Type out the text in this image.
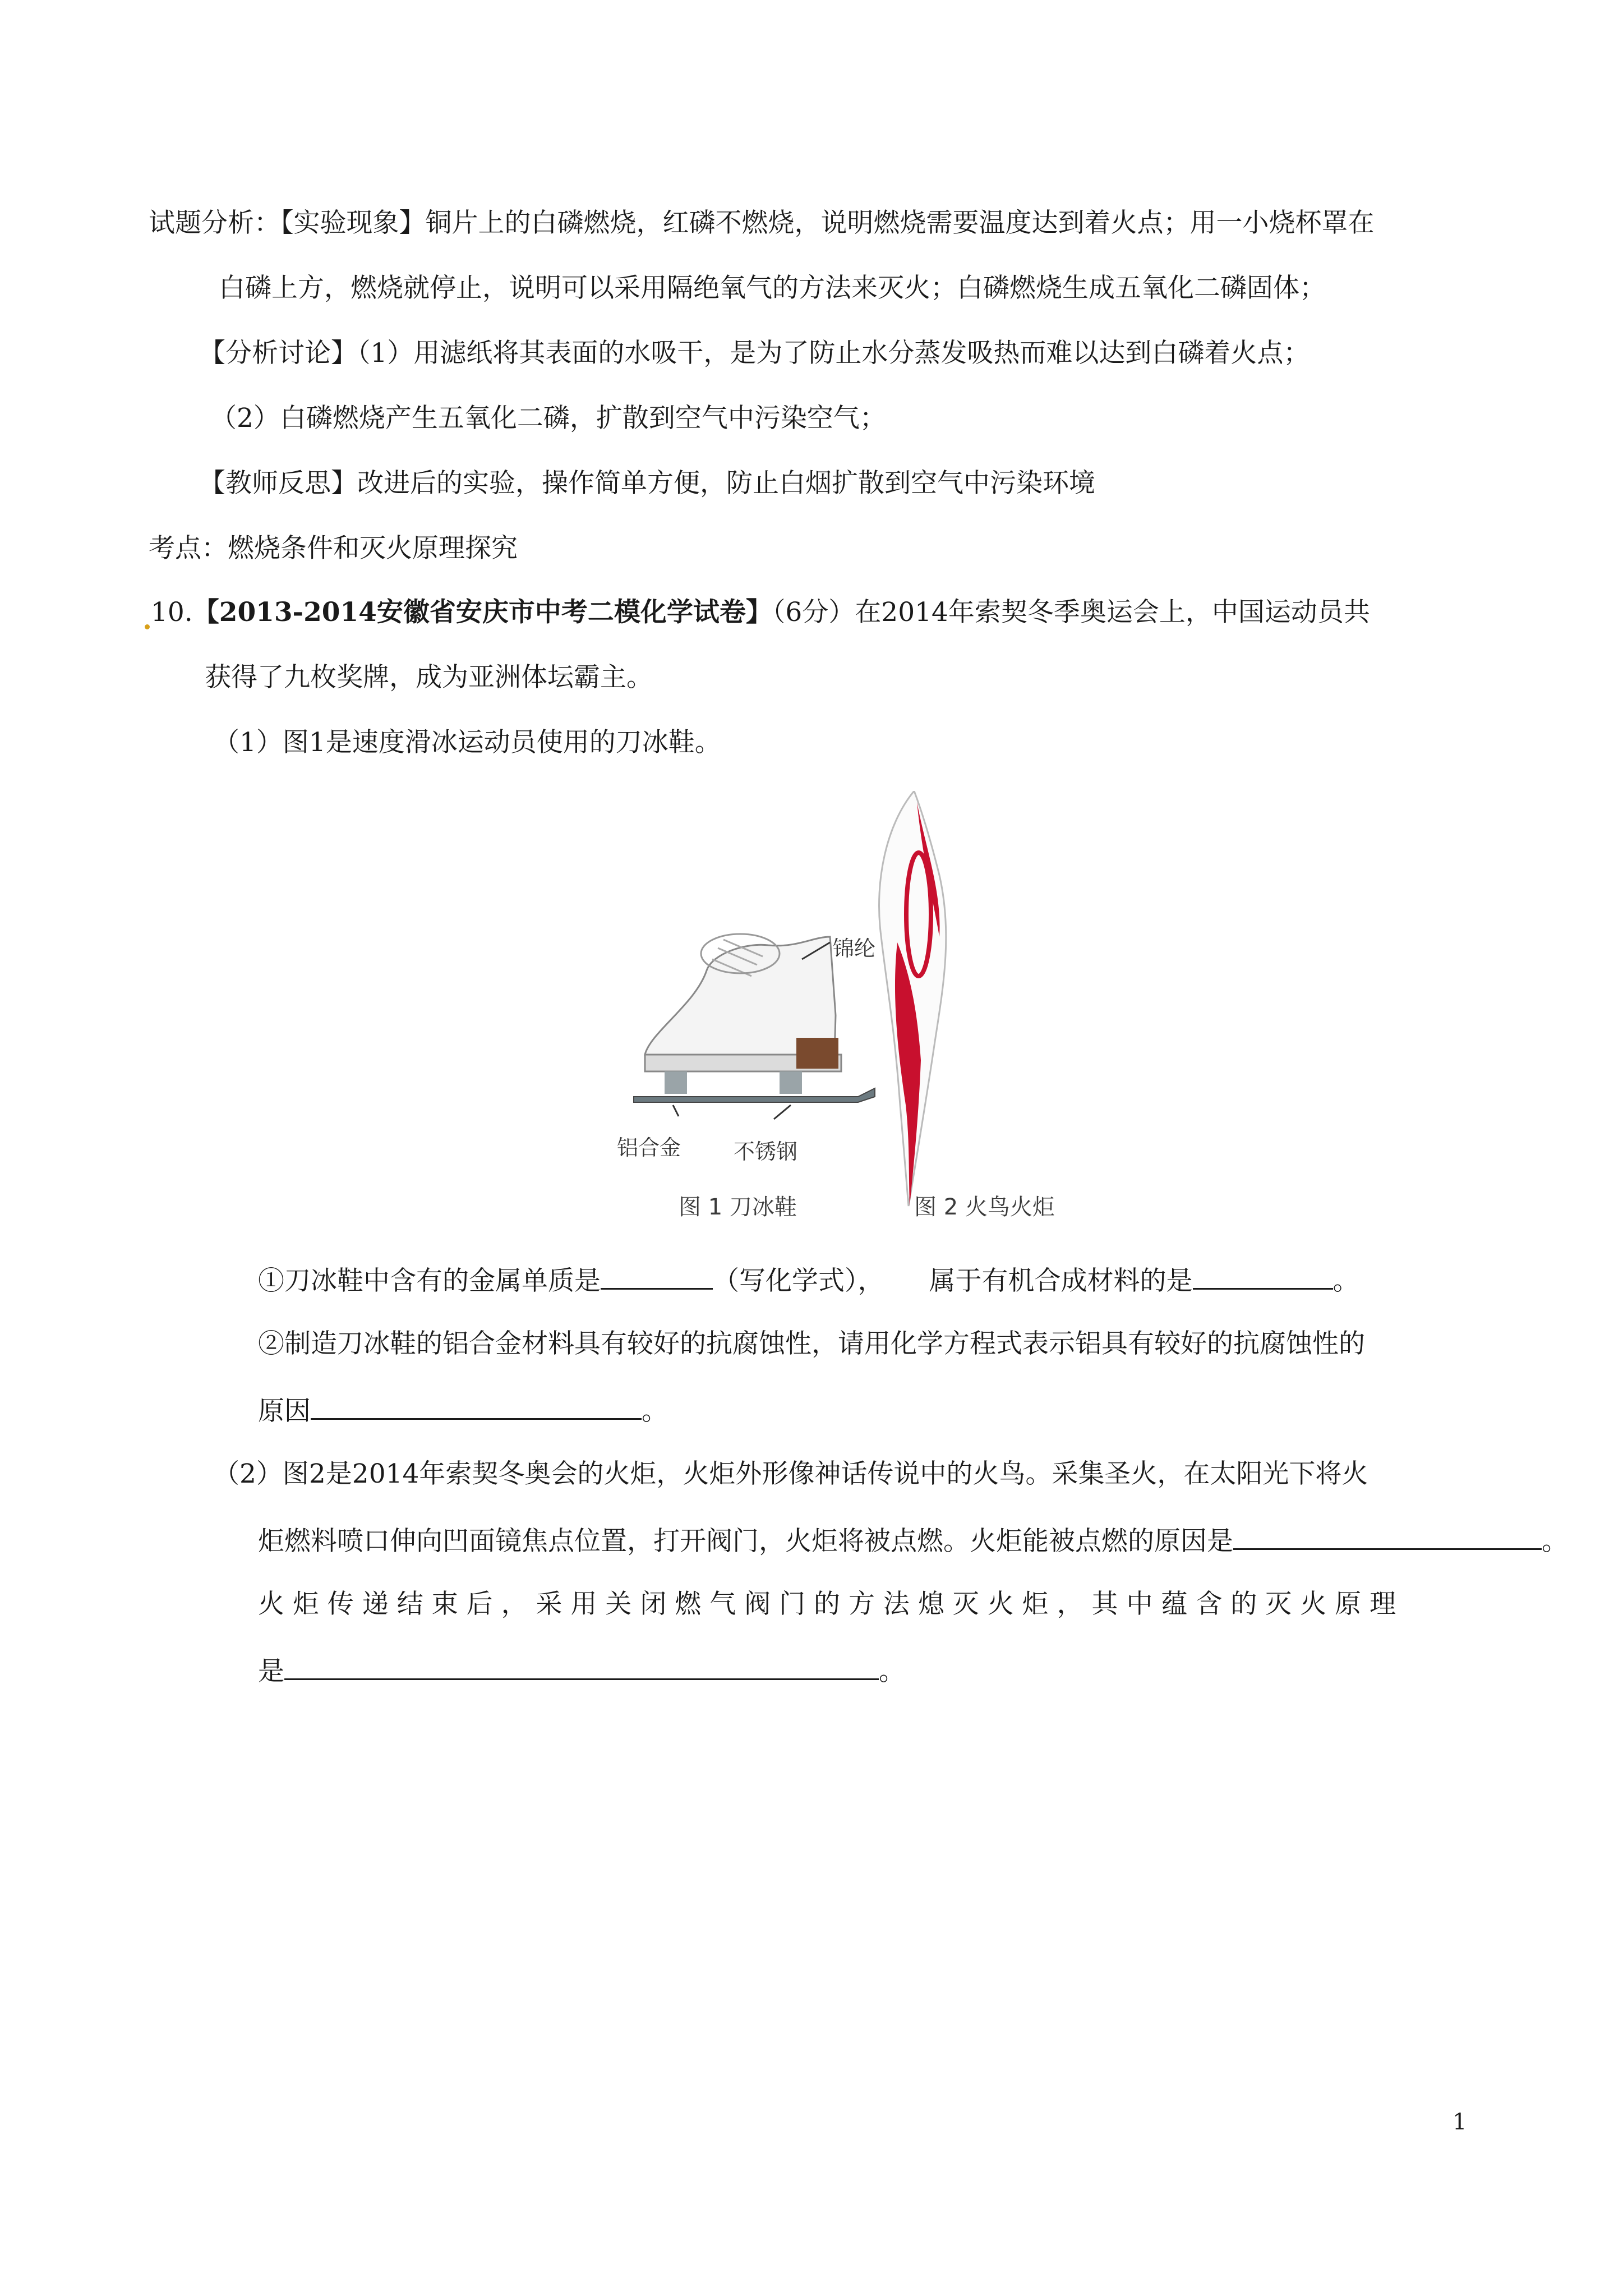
试题分析：【实验现象】铜片上的白磷燃烧，红磷不燃烧，说明燃烧需要温度达到着火点；用一小烧杯罩在
白磷上方，燃烧就停止，说明可以采用隔绝氧气的方法来灭火；白磷燃烧生成五氧化二磷固体；
【分析讨论】（1）用滤纸将其表面的水吸干，是为了防止水分蒸发吸热而难以达到白磷着火点；
（2）白磷燃烧产生五氧化二磷，扩散到空气中污染空气；
【教师反思】改进后的实验，操作简单方便，防止白烟扩散到空气中污染环境
考点：燃烧条件和灭火原理探究
10.【2013-2014安徽省安庆市中考二模化学试卷】（6分）在2014年索契冬季奥运会上，中国运动员共
获得了九枚奖牌，成为亚洲体坛霸主。
（1）图1是速度滑冰运动员使用的刀冰鞋。
锦纶
铝合金 不锈钢
图 1 刀冰鞋	图 2 火鸟火炬
①刀冰鞋中含有的金属单质是	（写化学式）， 属于有机合成材料的是	。
②制造刀冰鞋的铝合金材料具有较好的抗腐蚀性，请用化学方程式表示铝具有较好的抗腐蚀性的
原因	。
（2）图2是2014年索契冬奥会的火炬，火炬外形像神话传说中的火鸟。采集圣火，在太阳光下将火
炬燃料喷口伸向凹面镜焦点位置，打开阀门，火炬将被点燃。火炬能被点燃的原因是	。
火 炬 传 递 结 束 后 ， 采 用 关 闭 燃 气 阀 门 的 方 法 熄 灭 火 炬 ， 其 中 蕴 含 的 灭 火 原 理
是	。
1
